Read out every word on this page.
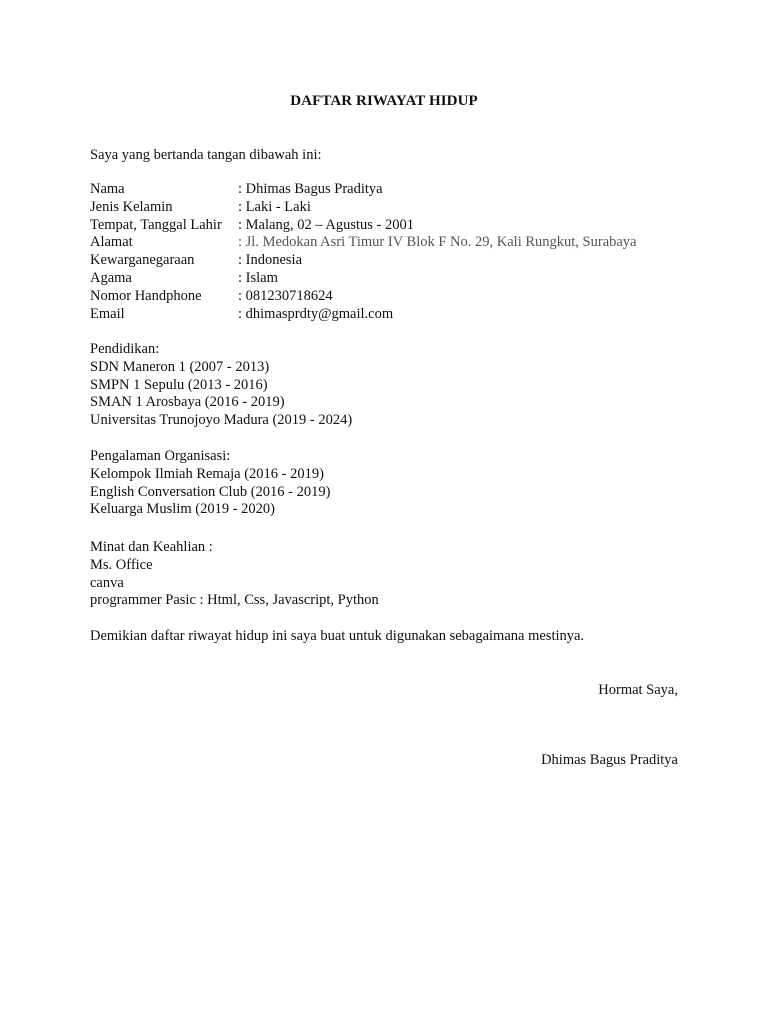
DAFTAR RIWAYAT HIDUP
Saya yang bertanda tangan dibawah ini:
Nama	: Dhimas Bagus Praditya
Jenis Kelamin	: Laki - Laki
Tempat, Tanggal Lahir	: Malang, 02 – Agustus - 2001
Alamat	: Jl. Medokan Asri Timur IV Blok F No. 29, Kali Rungkut, Surabaya
Kewarganegaraan	: Indonesia
Agama	: Islam
Nomor Handphone	: 081230718624
Email	: dhimasprdty@gmail.com
Pendidikan:
SDN Maneron 1 (2007 - 2013)
SMPN 1 Sepulu (2013 - 2016)
SMAN 1 Arosbaya (2016 - 2019)
Universitas Trunojoyo Madura (2019 - 2024)
Pengalaman Organisasi:
Kelompok Ilmiah Remaja (2016 - 2019)
English Conversation Club (2016 - 2019)
Keluarga Muslim (2019 - 2020)
Minat dan Keahlian :
Ms. Office
canva
programmer Pasic : Html, Css, Javascript, Python
Demikian daftar riwayat hidup ini saya buat untuk digunakan sebagaimana mestinya.
Hormat Saya,
Dhimas Bagus Praditya
